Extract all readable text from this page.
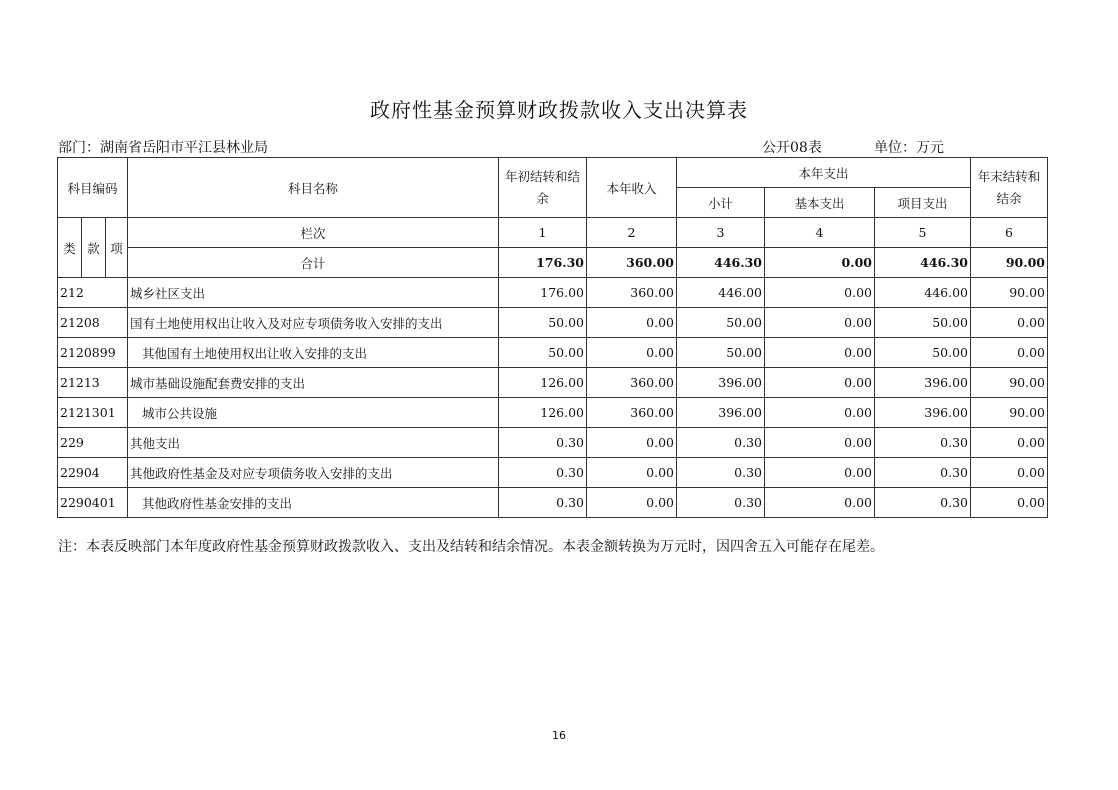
政府性基金预算财政拨款收入支出决算表
部门：湖南省岳阳市平江县林业局	公开08表	单位：万元
科目编码			科目名称	年初结转和结余	本年收入	本年支出			年末结转和结余
						小计	基本支出	项目支出	
类	款	项	栏次	1	2	3	4	5	6
			合计	176.30	360.00	446.30	0.00	446.30	90.00
212			城乡社区支出	176.00	360.00	446.00	0.00	446.00	90.00
21208			国有土地使用权出让收入及对应专项债务收入安排的支出	50.00	0.00	50.00	0.00	50.00	0.00
2120899			其他国有土地使用权出让收入安排的支出	50.00	0.00	50.00	0.00	50.00	0.00
21213			城市基础设施配套费安排的支出	126.00	360.00	396.00	0.00	396.00	90.00
2121301			城市公共设施	126.00	360.00	396.00	0.00	396.00	90.00
229			其他支出	0.30	0.00	0.30	0.00	0.30	0.00
22904			其他政府性基金及对应专项债务收入安排的支出	0.30	0.00	0.30	0.00	0.30	0.00
2290401			其他政府性基金安排的支出	0.30	0.00	0.30	0.00	0.30	0.00
注：本表反映部门本年度政府性基金预算财政拨款收入、支出及结转和结余情况。本表金额转换为万元时，因四舍五入可能存在尾差。
16
